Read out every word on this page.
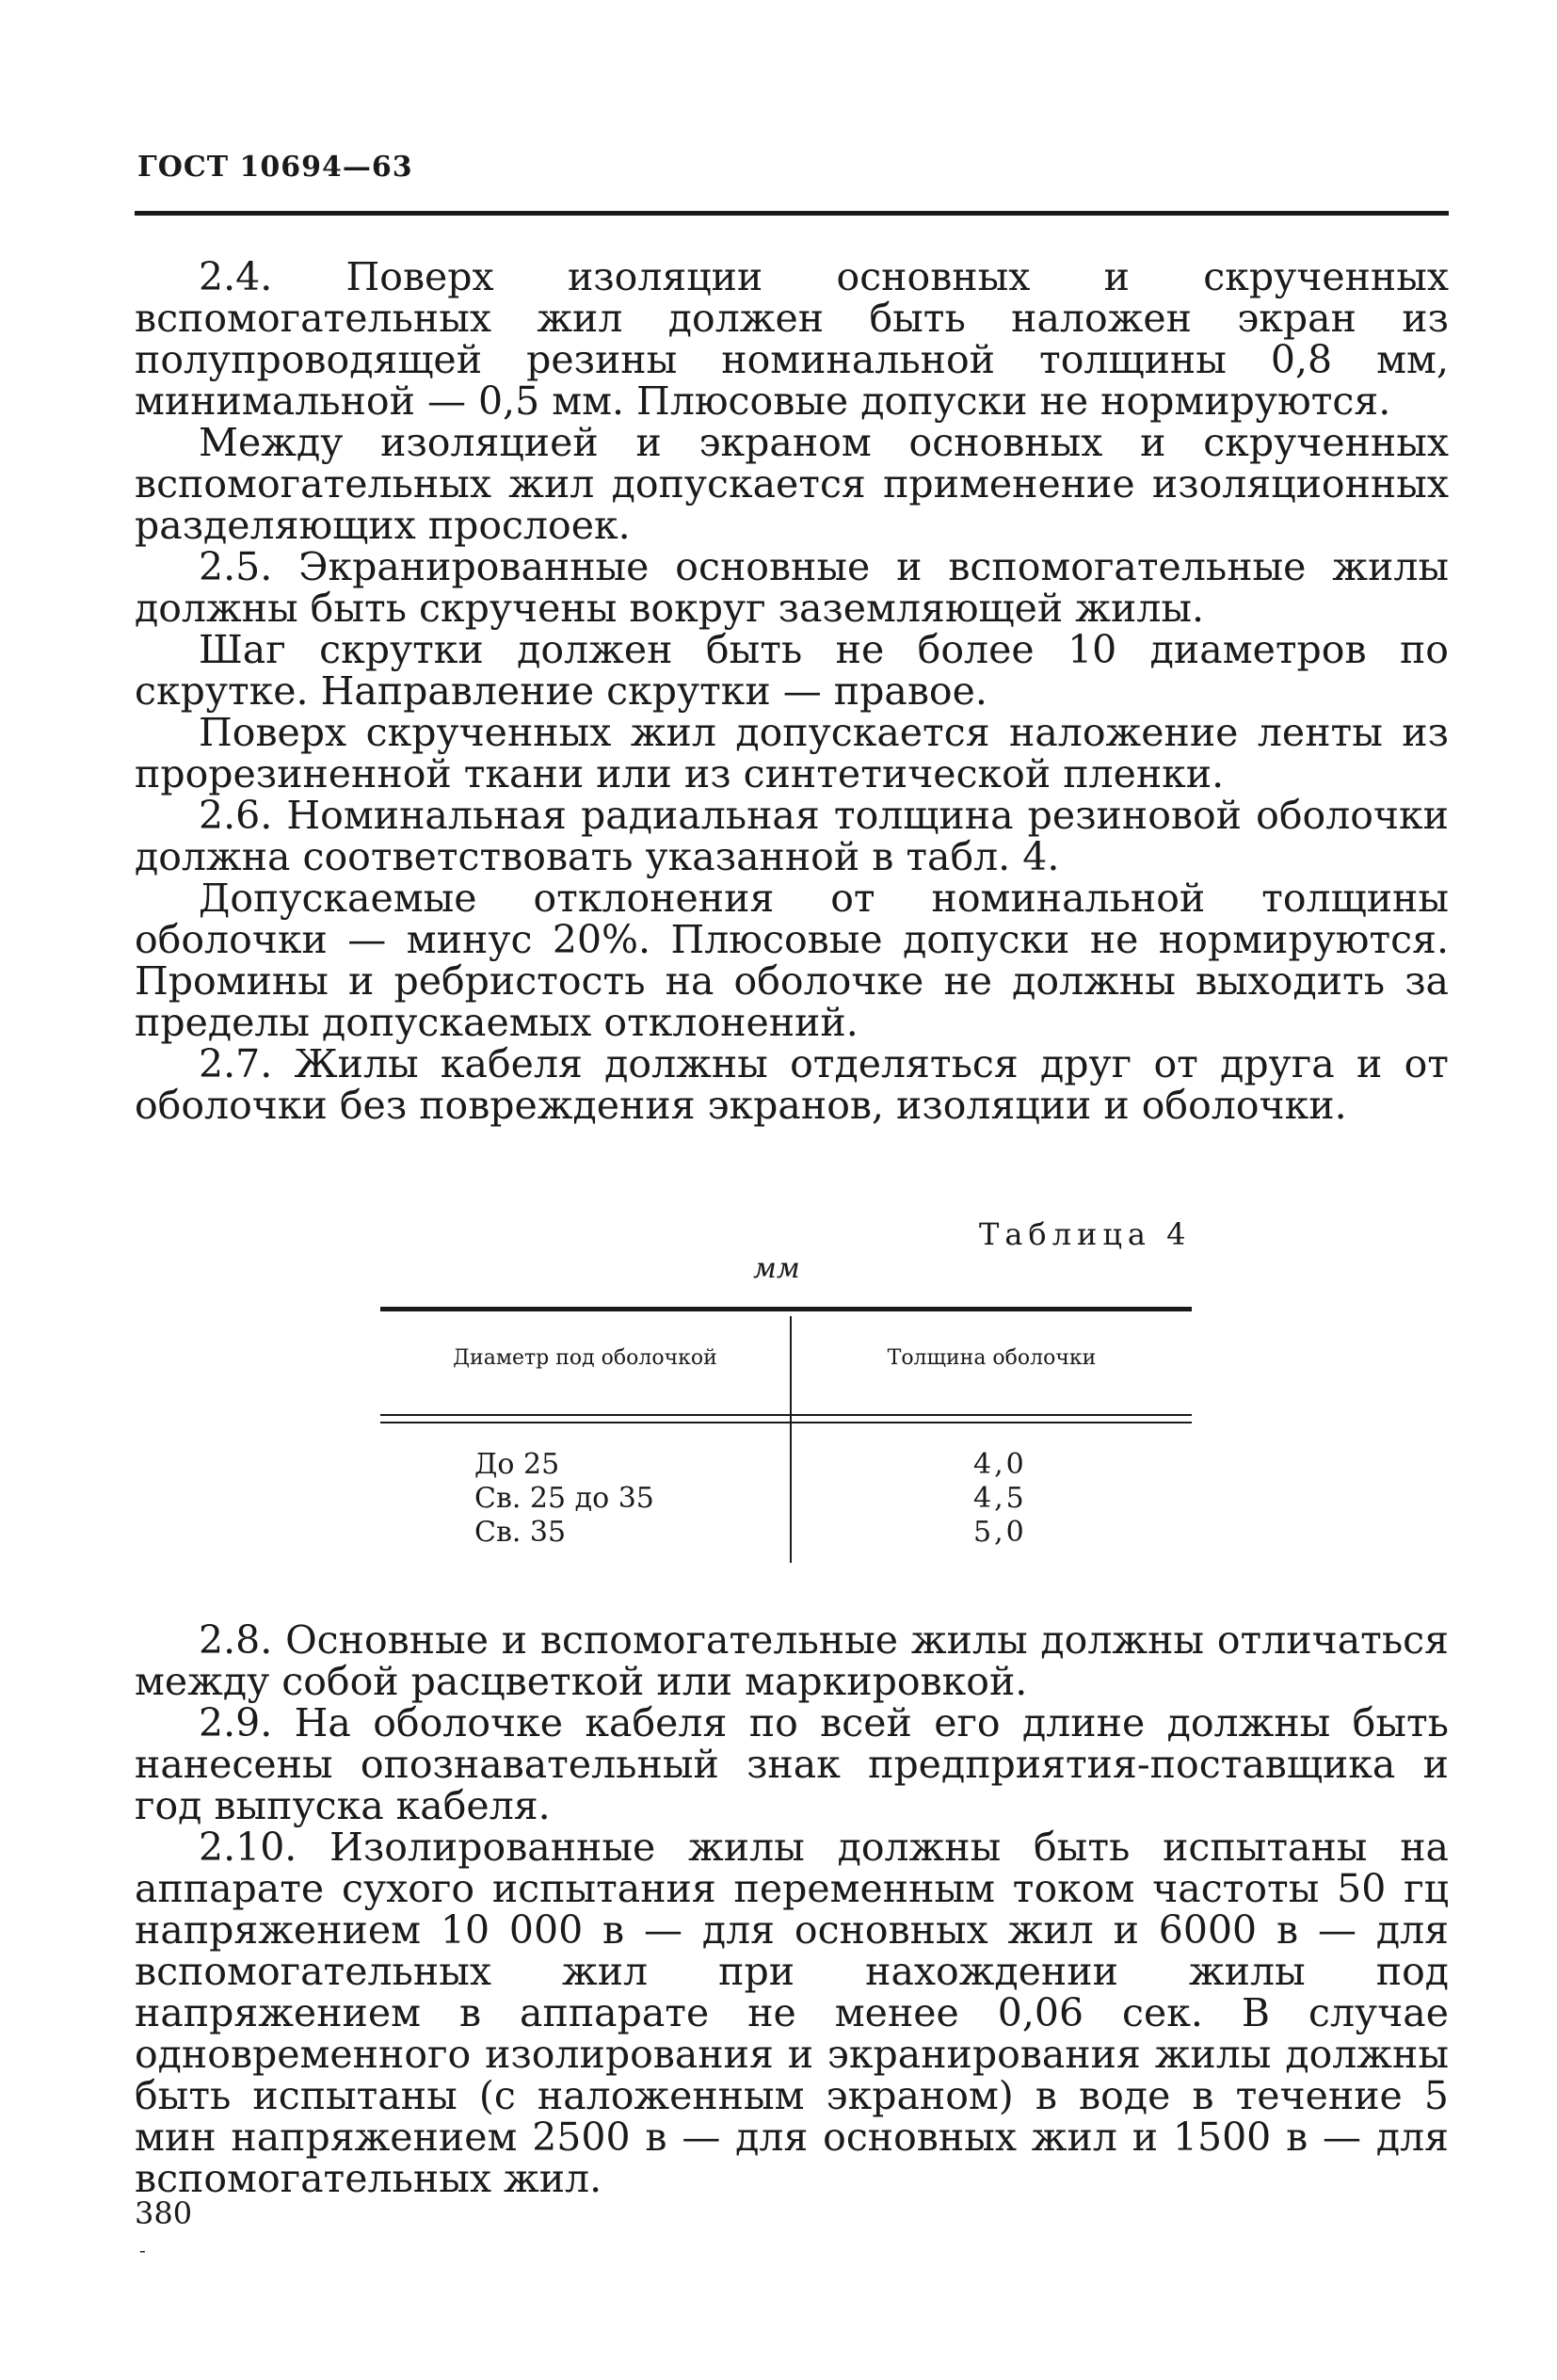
ГОСТ 10694—63

2.4. Поверх изоляции основных и скрученных вспомогательных жил должен быть наложен экран из полупроводящей резины номинальной толщины 0,8 мм, минимальной — 0,5 мм. Плюсовые допуски не нормируются.

Между изоляцией и экраном основных и скрученных вспомогательных жил допускается применение изоляционных разделяющих прослоек.

2.5. Экранированные основные и вспомогательные жилы должны быть скручены вокруг заземляющей жилы.

Шаг скрутки должен быть не более 10 диаметров по скрутке. Направление скрутки — правое.

Поверх скрученных жил допускается наложение ленты из прорезиненной ткани или из синтетической пленки.

2.6. Номинальная радиальная толщина резиновой оболочки должна соответствовать указанной в табл. 4.

Допускаемые отклонения от номинальной толщины оболочки — минус 20%. Плюсовые допуски не нормируются. Промины и ребристость на оболочке не должны выходить за пределы допускаемых отклонений.

2.7. Жилы кабеля должны отделяться друг от друга и от оболочки без повреждения экранов, изоляции и оболочки.

Таблица 4
мм
Диаметр под оболочкой	Толщина оболочки
До 25
Св. 25 до 35
Св. 35
4,0
4,5
5,0

2.8. Основные и вспомогательные жилы должны отличаться между собой расцветкой или маркировкой.

2.9. На оболочке кабеля по всей его длине должны быть нанесены опознавательный знак предприятия-поставщика и год выпуска кабеля.

2.10. Изолированные жилы должны быть испытаны на аппарате сухого испытания переменным током частоты 50 гц напряжением 10 000 в — для основных жил и 6000 в — для вспомогательных жил при нахождении жилы под напряжением в аппарате не менее 0,06 сек. В случае одновременного изолирования и экранирования жилы должны быть испытаны (с наложенным экраном) в воде в течение 5 мин напряжением 2500 в — для основных жил и 1500 в — для вспомогательных жил.

380
-
